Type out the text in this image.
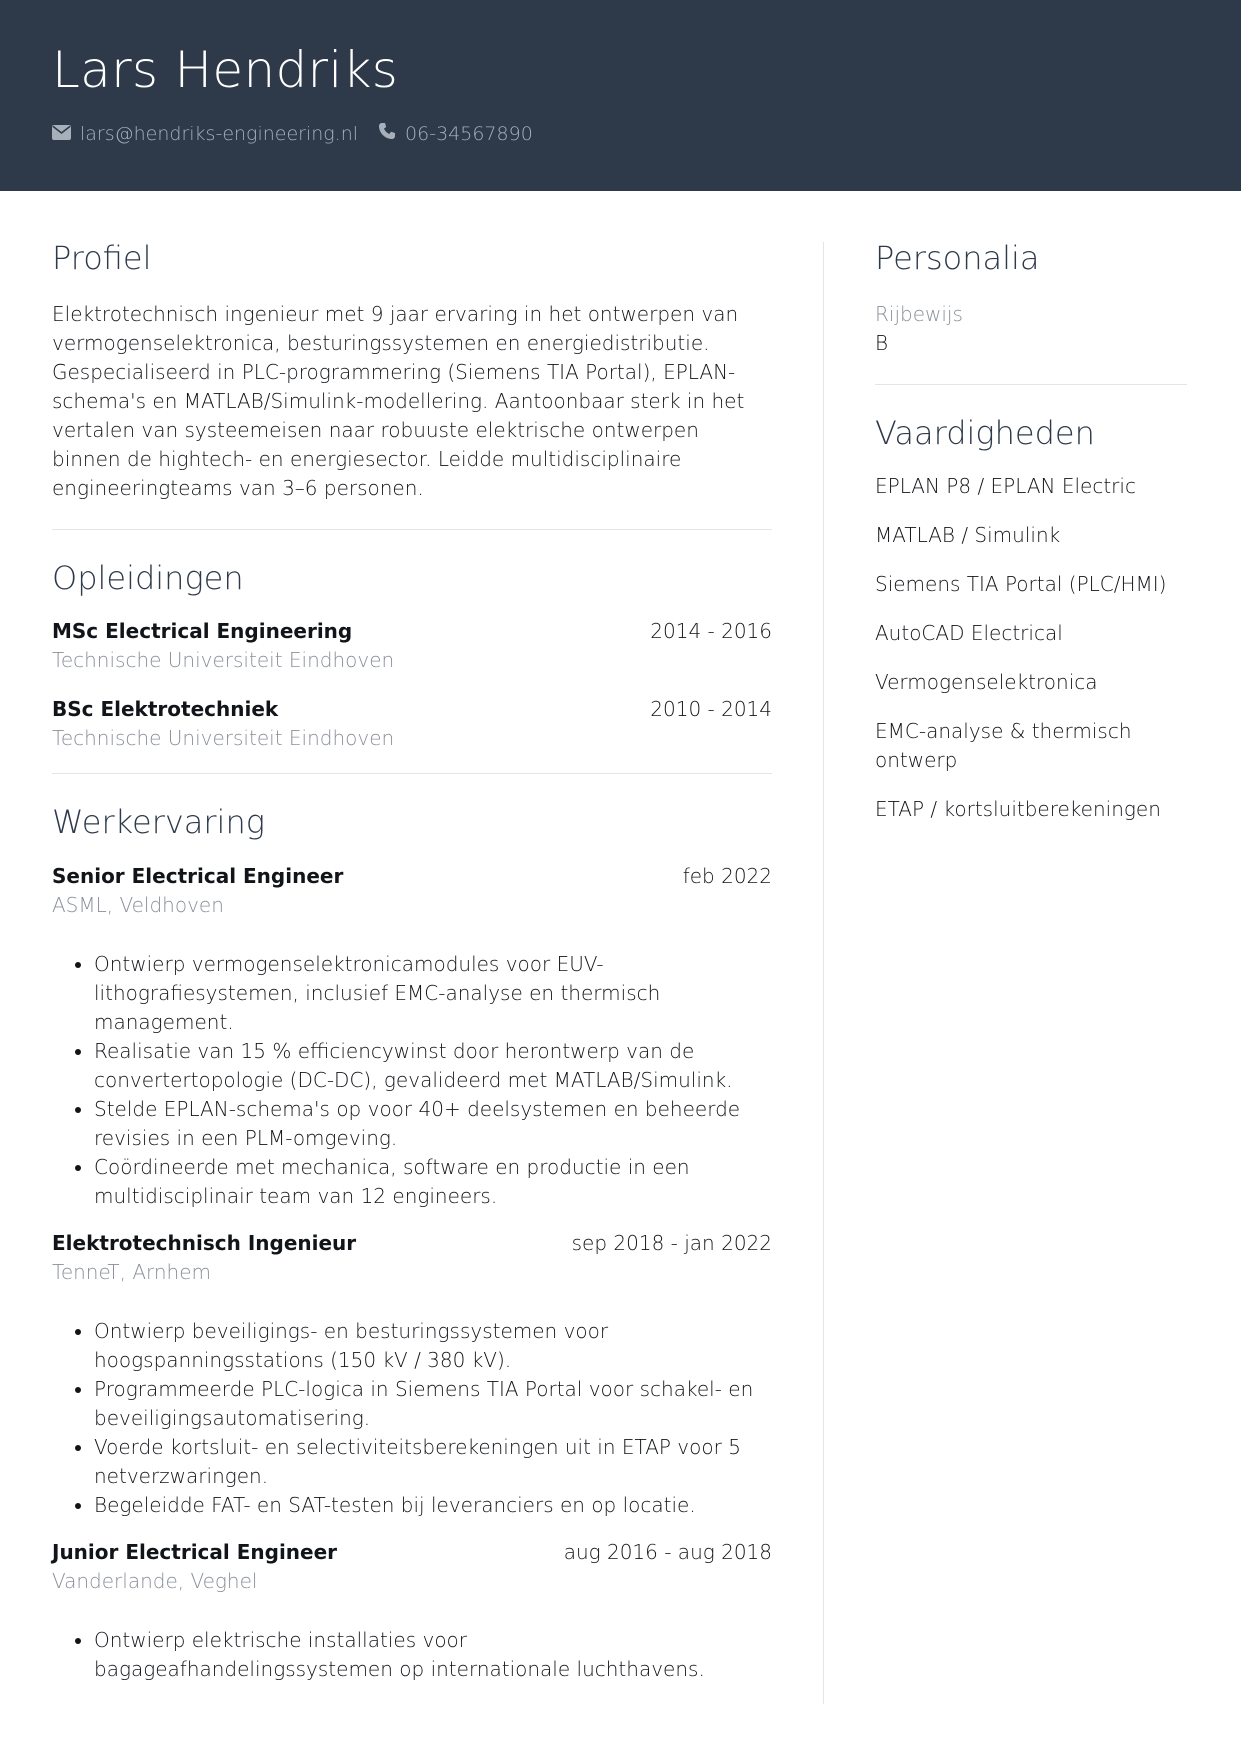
Lars Hendriks
lars@hendriks-engineering.nl 06-34567890
Profiel
Elektrotechnisch ingenieur met 9 jaar ervaring in het ontwerpen van vermogenselektronica, besturingssystemen en energiedistributie. Gespecialiseerd in PLC-programmering (Siemens TIA Portal), EPLAN-schema's en MATLAB/Simulink-modellering. Aantoonbaar sterk in het vertalen van systeemeisen naar robuuste elektrische ontwerpen binnen de hightech- en energiesector. Leidde multidisciplinaire engineeringteams van 3–6 personen.
Opleidingen
MSc Electrical Engineering	2014 - 2016
Technische Universiteit Eindhoven
BSc Elektrotechniek	2010 - 2014
Technische Universiteit Eindhoven
Werkervaring
Senior Electrical Engineer	feb 2022
ASML, Veldhoven
• Ontwierp vermogenselektronicamodules voor EUV-lithografiesystemen, inclusief EMC-analyse en thermisch management.
• Realisatie van 15 % efficiencywinst door herontwerp van de convertertopologie (DC-DC), gevalideerd met MATLAB/Simulink.
• Stelde EPLAN-schema's op voor 40+ deelsystemen en beheerde revisies in een PLM-omgeving.
• Coördineerde met mechanica, software en productie in een multidisciplinair team van 12 engineers.
Elektrotechnisch Ingenieur	sep 2018 - jan 2022
TenneT, Arnhem
• Ontwierp beveiligings- en besturingssystemen voor hoogspanningsstations (150 kV / 380 kV).
• Programmeerde PLC-logica in Siemens TIA Portal voor schakel- en beveiligingsautomatisering.
• Voerde kortsluit- en selectiviteitsberekeningen uit in ETAP voor 5 netverzwaringen.
• Begeleidde FAT- en SAT-testen bij leveranciers en op locatie.
Junior Electrical Engineer	aug 2016 - aug 2018
Vanderlande, Veghel
• Ontwierp elektrische installaties voor bagageafhandelingssystemen op internationale luchthavens.
Personalia
Rijbewijs
B
Vaardigheden
EPLAN P8 / EPLAN Electric
MATLAB / Simulink
Siemens TIA Portal (PLC/HMI)
AutoCAD Electrical
Vermogenselektronica
EMC-analyse & thermisch ontwerp
ETAP / kortsluitberekeningen
